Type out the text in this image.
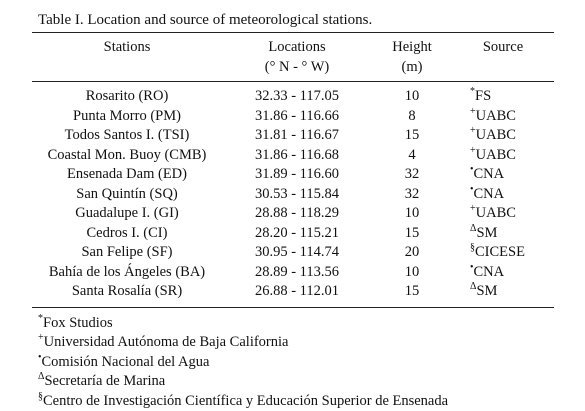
Table I. Location and source of meteorological stations.
Stations	Locations	Height	Source
	(° N - ° W)	(m)	
Rosarito (RO)	32.33 - 117.05	10	*FS
Punta Morro (PM)	31.86 - 116.66	8	+UABC
Todos Santos I. (TSI)	31.81 - 116.67	15	+UABC
Coastal Mon. Buoy (CMB)	31.86 - 116.68	4	+UABC
Ensenada Dam (ED)	31.89 - 116.60	32	•CNA
San Quintín (SQ)	30.53 - 115.84	32	•CNA
Guadalupe I. (GI)	28.88 - 118.29	10	+UABC
Cedros I. (CI)	28.20 - 115.21	15	$^\Delta$SM
San Felipe (SF)	30.95 - 114.74	20	§CICESE
Bahía de los Ángeles (BA)	28.89 - 113.56	10	•CNA
Santa Rosalía (SR)	26.88 - 112.01	15	$^\Delta$SM
*Fox Studios
+Universidad Autónoma de Baja California
•Comisión Nacional del Agua
$^\Delta$Secretaría de Marina
§Centro de Investigación Científica y Educación Superior de Ensenada
